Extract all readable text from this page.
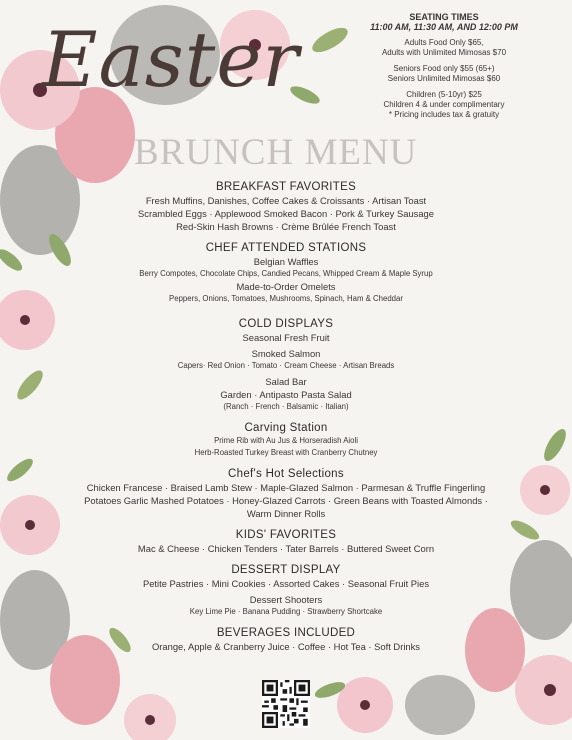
Easter
BRUNCH MENU
SEATING TIMES
11:00 AM, 11:30 AM, AND 12:00 PM
Adults Food Only $65,
Adults with Unlimited Mimosas $70
Seniors Food only $55 (65+)
Seniors Unlimited Mimosas $60
Children (5-10yr) $25
Children 4 & under complimentary
* Pricing includes tax & gratuity
BREAKFAST FAVORITES
Fresh Muffins, Danishes, Coffee Cakes & Croissants · Artisan Toast
Scrambled Eggs · Applewood Smoked Bacon · Pork & Turkey Sausage
Red-Skin Hash Browns · Crème Brûlée French Toast
CHEF ATTENDED STATIONS
Belgian Waffles
Berry Compotes, Chocolate Chips, Candied Pecans, Whipped Cream & Maple Syrup
Made-to-Order Omelets
Peppers, Onions, Tomatoes, Mushrooms, Spinach, Ham & Cheddar
COLD DISPLAYS
Seasonal Fresh Fruit
Smoked Salmon
Capers· Red Onion · Tomato · Cream Cheese · Artisan Breads
Salad Bar
Garden · Antipasto Pasta Salad
(Ranch · French · Balsamic · Italian)
Carving Station
Prime Rib with Au Jus & Horseradish Aioli
Herb-Roasted Turkey Breast with Cranberry Chutney
Chef's Hot Selections
Chicken Francese · Braised Lamb Stew · Maple-Glazed Salmon · Parmesan & Truffle Fingerling
Potatoes Garlic Mashed Potatoes · Honey-Glazed Carrots · Green Beans with Toasted Almonds ·
Warm Dinner Rolls
KIDS' FAVORITES
Mac & Cheese · Chicken Tenders · Tater Barrels · Buttered Sweet Corn
DESSERT DISPLAY
Petite Pastries · Mini Cookies · Assorted Cakes · Seasonal Fruit Pies
Dessert Shooters
Key Lime Pie · Banana Pudding · Strawberry Shortcake
BEVERAGES INCLUDED
Orange, Apple & Cranberry Juice · Coffee · Hot Tea · Soft Drinks
